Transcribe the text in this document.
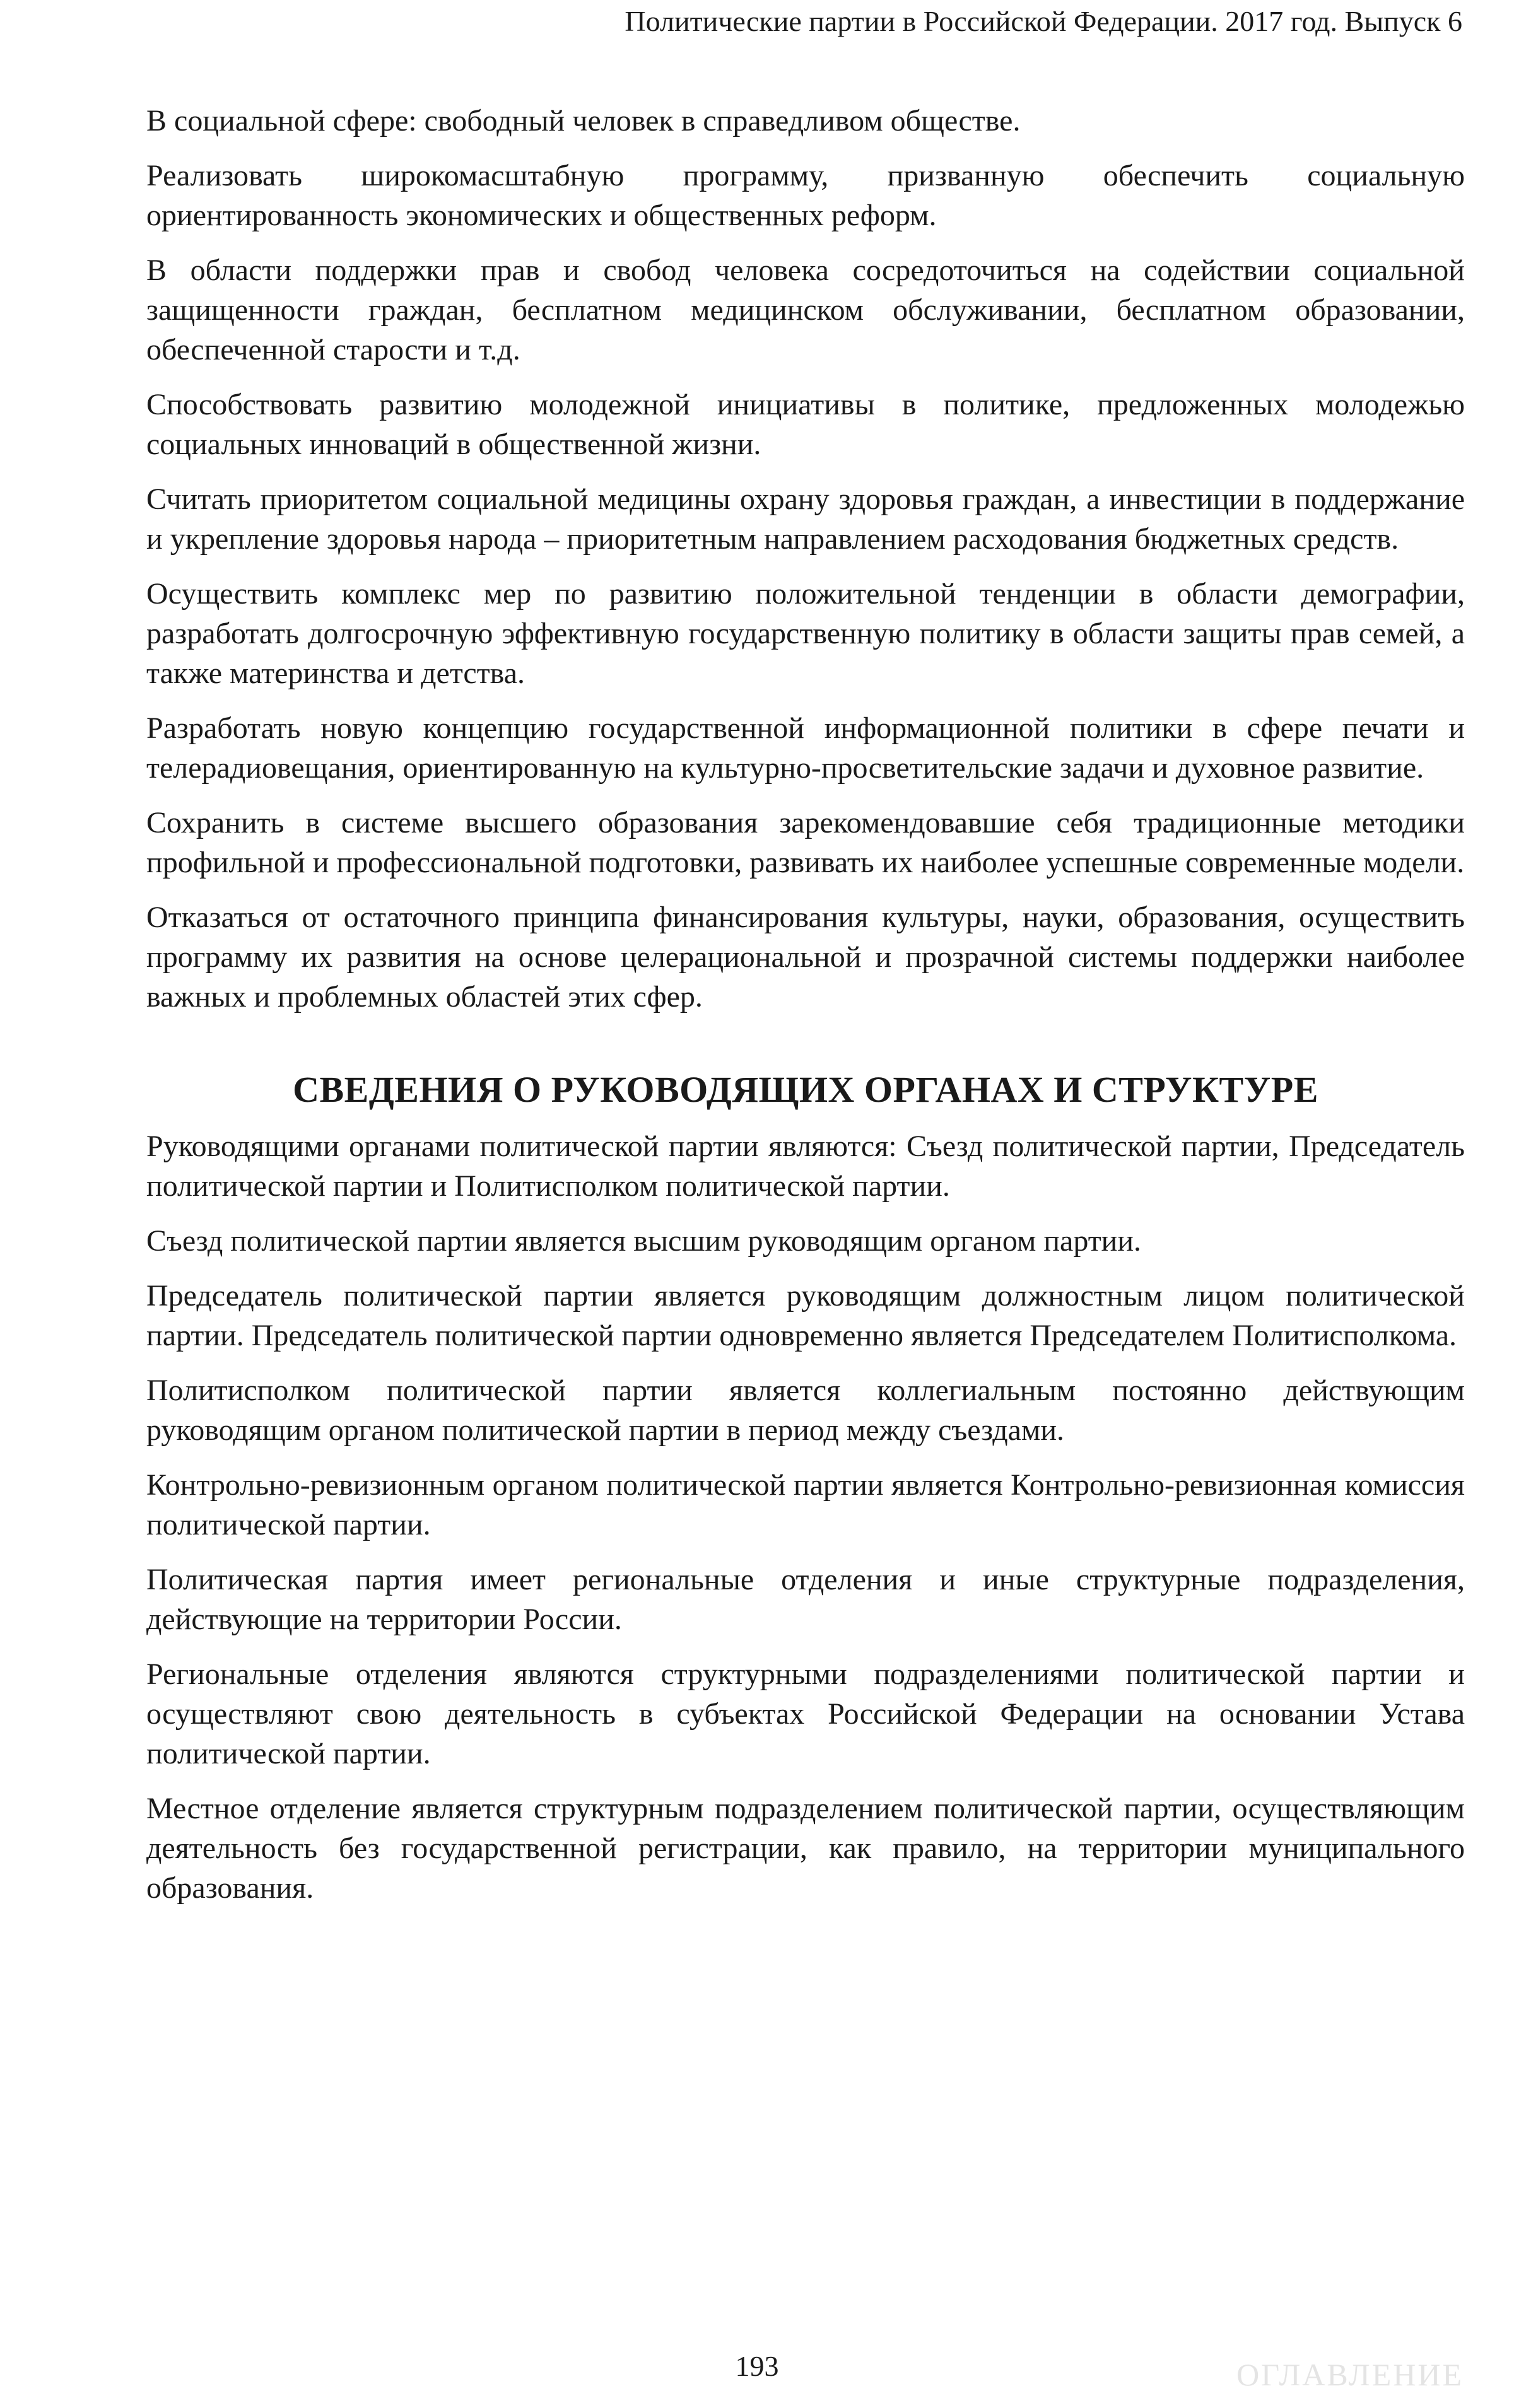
Политические партии в Российской Федерации. 2017 год. Выпуск 6

В социальной сфере: свободный человек в справедливом обществе.

Реализовать широкомасштабную программу, призванную обеспечить социальную ориентированность экономических и общественных реформ.

В области поддержки прав и свобод человека сосредоточиться на содействии социальной защищенности граждан, бесплатном медицинском обслуживании, бесплатном образовании, обеспеченной старости и т.д.

Способствовать развитию молодежной инициативы в политике, предложенных молодежью социальных инноваций в общественной жизни.

Считать приоритетом социальной медицины охрану здоровья граждан, а инвестиции в поддержание и укрепление здоровья народа – приоритетным направлением расходования бюджетных средств.

Осуществить комплекс мер по развитию положительной тенденции в области демографии, разработать долгосрочную эффективную государственную политику в области защиты прав семей, а также материнства и детства.

Разработать новую концепцию государственной информационной политики в сфере печати и телерадиовещания, ориентированную на культурно-просветительские задачи и духовное развитие.

Сохранить в системе высшего образования зарекомендовавшие себя традиционные методики профильной и профессиональной подготовки, развивать их наиболее успешные современные модели.

Отказаться от остаточного принципа финансирования культуры, науки, образования, осуществить программу их развития на основе целерациональной и прозрачной системы поддержки наиболее важных и проблемных областей этих сфер.

СВЕДЕНИЯ О РУКОВОДЯЩИХ ОРГАНАХ И СТРУКТУРЕ

Руководящими органами политической партии являются: Съезд политической партии, Председатель политической партии и Политисполком политической партии.

Съезд политической партии является высшим руководящим органом партии.

Председатель политической партии является руководящим должностным лицом политической партии. Председатель политической партии одновременно является Председателем Политисполкома.

Политисполком политической партии является коллегиальным постоянно действующим руководящим органом политической партии в период между съездами.

Контрольно-ревизионным органом политической партии является Контрольно-ревизионная комиссия политической партии.

Политическая партия имеет региональные отделения и иные структурные подразделения, действующие на территории России.

Региональные отделения являются структурными подразделениями политической партии и осуществляют свою деятельность в субъектах Российской Федерации на основании Устава политической партии.

Местное отделение является структурным подразделением политической партии, осуществляющим деятельность без государственной регистрации, как правило, на территории муниципального образования.

193	ОГЛАВЛЕНИЕ
